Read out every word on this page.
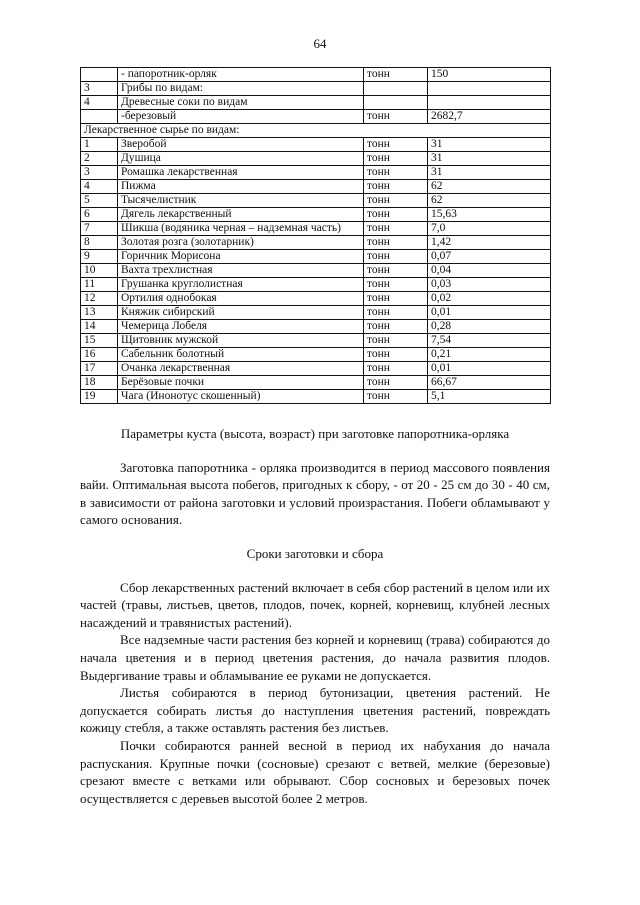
64
	- папоротник-орляк	тонн	150
3	Грибы по видам:		
4	Древесные соки по видам		
	-березовый	тонн	2682,7
Лекарственное сырье по видам:			
1	Зверобой	тонн	31
2	Душица	тонн	31
3	Ромашка лекарственная	тонн	31
4	Пижма	тонн	62
5	Тысячелистник	тонн	62
6	Дягель лекарственный	тонн	15,63
7	Шикша (водяника черная – надземная часть)	тонн	7,0
8	Золотая розга (золотарник)	тонн	1,42
9	Горичник Морисона	тонн	0,07
10	Вахта трехлистная	тонн	0,04
11	Грушанка круглолистная	тонн	0,03
12	Ортилия однобокая	тонн	0,02
13	Княжик сибирский	тонн	0,01
14	Чемерица Лобеля	тонн	0,28
15	Щитовник мужской	тонн	7,54
16	Сабельник болотный	тонн	0,21
17	Очанка лекарственная	тонн	0,01
18	Берёзовые почки	тонн	66,67
19	Чага (Инонотус скошенный)	тонн	5,1

Параметры куста (высота, возраст) при заготовке папоротника-орляка

Заготовка папоротника - орляка производится в период массового появления вайи. Оптимальная высота побегов, пригодных к сбору, - от 20 - 25 см до 30 - 40 см, в зависимости от района заготовки и условий произрастания. Побеги обламывают у самого основания.

Сроки заготовки и сбора

Сбор лекарственных растений включает в себя сбор растений в целом или их частей (травы, листьев, цветов, плодов, почек, корней, корневищ, клубней лесных насаждений и травянистых растений).

Все надземные части растения без корней и корневищ (трава) собираются до начала цветения и в период цветения растения, до начала развития плодов. Выдергивание травы и обламывание ее руками не допускается.

Листья собираются в период бутонизации, цветения растений. Не допускается собирать листья до наступления цветения растений, повреждать кожицу стебля, а также оставлять растения без листьев.

Почки собираются ранней весной в период их набухания до начала распускания. Крупные почки (сосновые) срезают с ветвей, мелкие (березовые) срезают вместе с ветками или обрывают. Сбор сосновых и березовых почек осуществляется с деревьев высотой более 2 метров.
